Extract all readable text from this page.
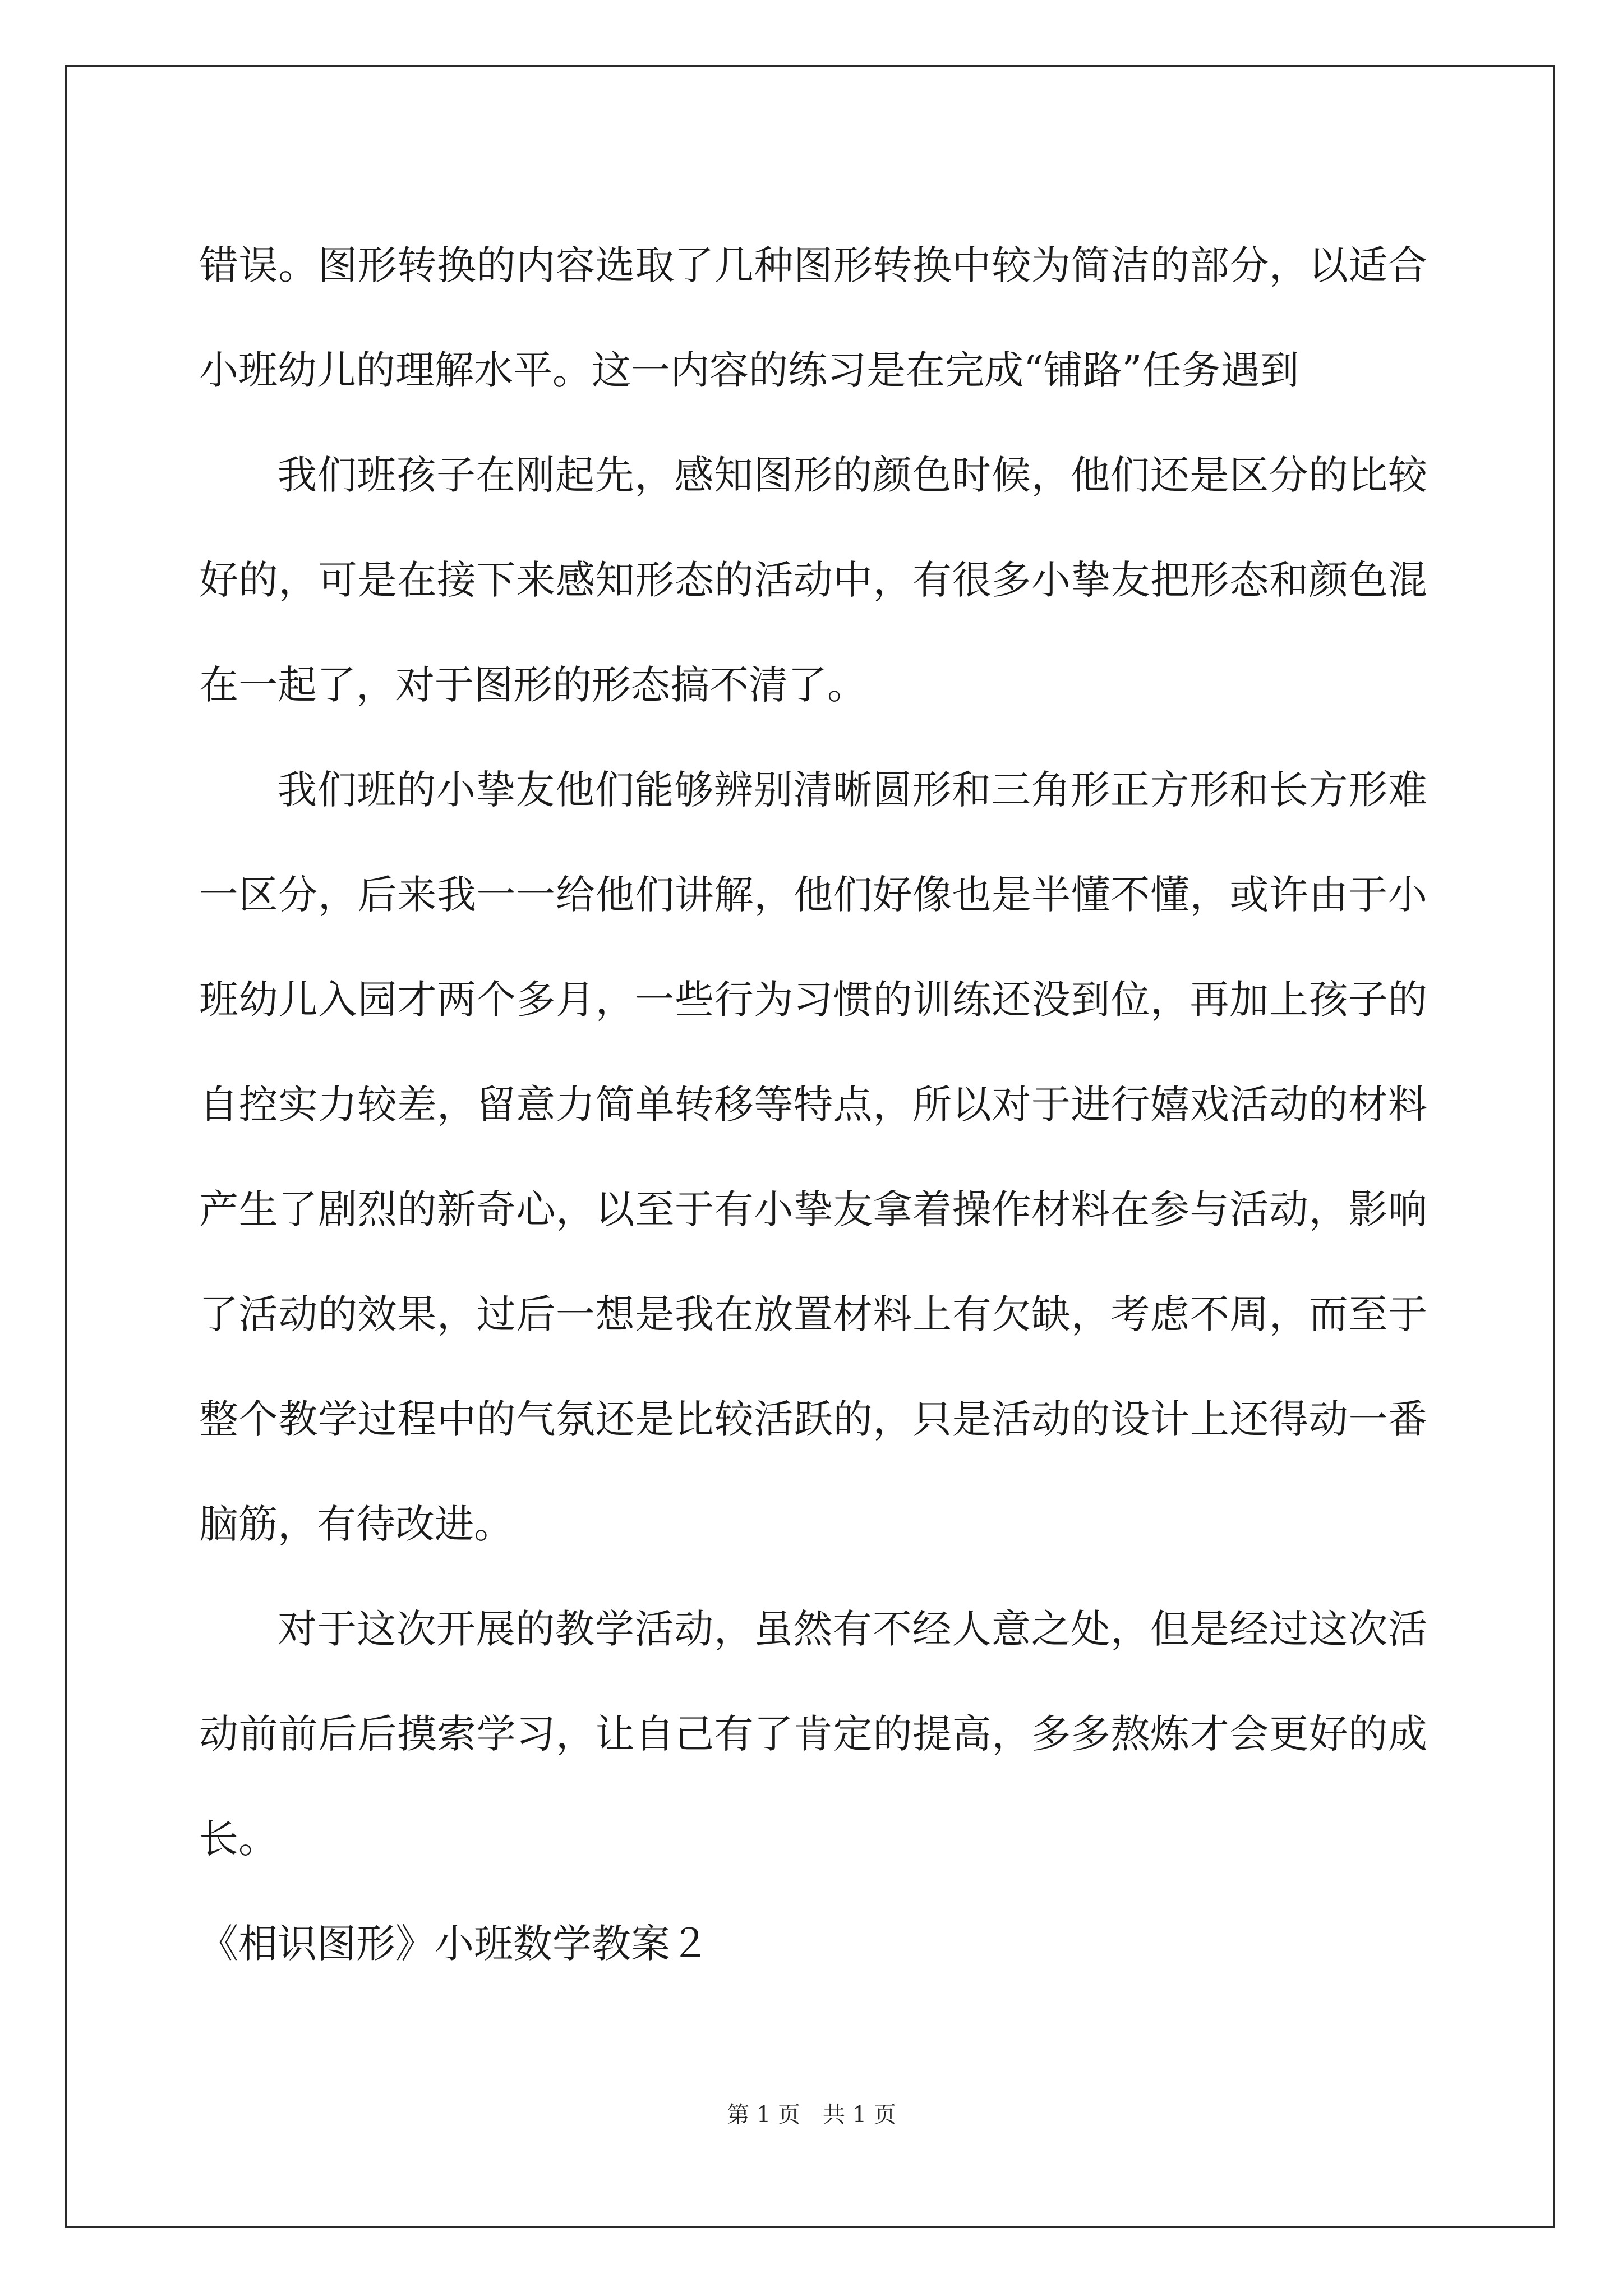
错误。图形转换的内容选取了几种图形转换中较为简洁的部分，以适合小班幼儿的理解水平。这一内容的练习是在完成“铺路”任务遇到

我们班孩子在刚起先，感知图形的颜色时候，他们还是区分的比较好的，可是在接下来感知形态的活动中，有很多小挚友把形态和颜色混在一起了，对于图形的形态搞不清了。

我们班的小挚友他们能够辨别清晰圆形和三角形正方形和长方形难一区分，后来我一一给他们讲解，他们好像也是半懂不懂，或许由于小班幼儿入园才两个多月，一些行为习惯的训练还没到位，再加上孩子的自控实力较差，留意力简单转移等特点，所以对于进行嬉戏活动的材料产生了剧烈的新奇心，以至于有小挚友拿着操作材料在参与活动，影响了活动的效果，过后一想是我在放置材料上有欠缺，考虑不周，而至于整个教学过程中的气氛还是比较活跃的，只是活动的设计上还得动一番脑筋，有待改进。

对于这次开展的教学活动，虽然有不经人意之处，但是经过这次活动前前后后摸索学习，让自己有了肯定的提高，多多熬炼才会更好的成长。

《相识图形》小班数学教案２

第 1 页　共 1 页
